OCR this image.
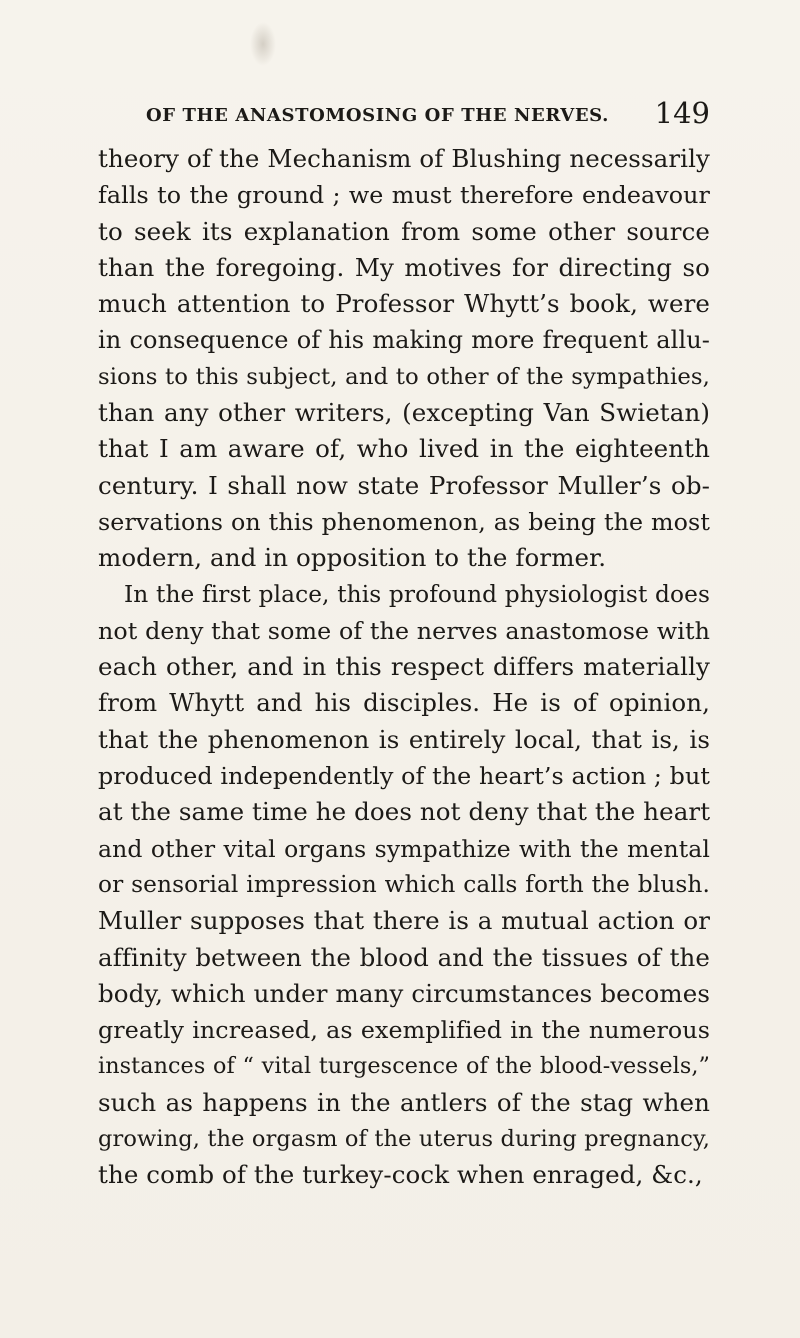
OF THE ANASTOMOSING OF THE NERVES. 149
theory of the Mechanism of Blushing necessarily
falls to the ground ; we must therefore endeavour
to seek its explanation from some other source
than the foregoing. My motives for directing so
much attention to Professor Whytt’s book, were
in consequence of his making more frequent allu-
sions to this subject, and to other of the sympathies,
than any other writers, (excepting Van Swietan)
that I am aware of, who lived in the eighteenth
century. I shall now state Professor Muller’s ob-
servations on this phenomenon, as being the most
modern, and in opposition to the former.
In the first place, this profound physiologist does
not deny that some of the nerves anastomose with
each other, and in this respect differs materially
from Whytt and his disciples. He is of opinion,
that the phenomenon is entirely local, that is, is
produced independently of the heart’s action ; but
at the same time he does not deny that the heart
and other vital organs sympathize with the mental
or sensorial impression which calls forth the blush.
Muller supposes that there is a mutual action or
affinity between the blood and the tissues of the
body, which under many circumstances becomes
greatly increased, as exemplified in the numerous
instances of “ vital turgescence of the blood-vessels,”
such as happens in the antlers of the stag when
growing, the orgasm of the uterus during pregnancy,
the comb of the turkey-cock when enraged, &c.,
